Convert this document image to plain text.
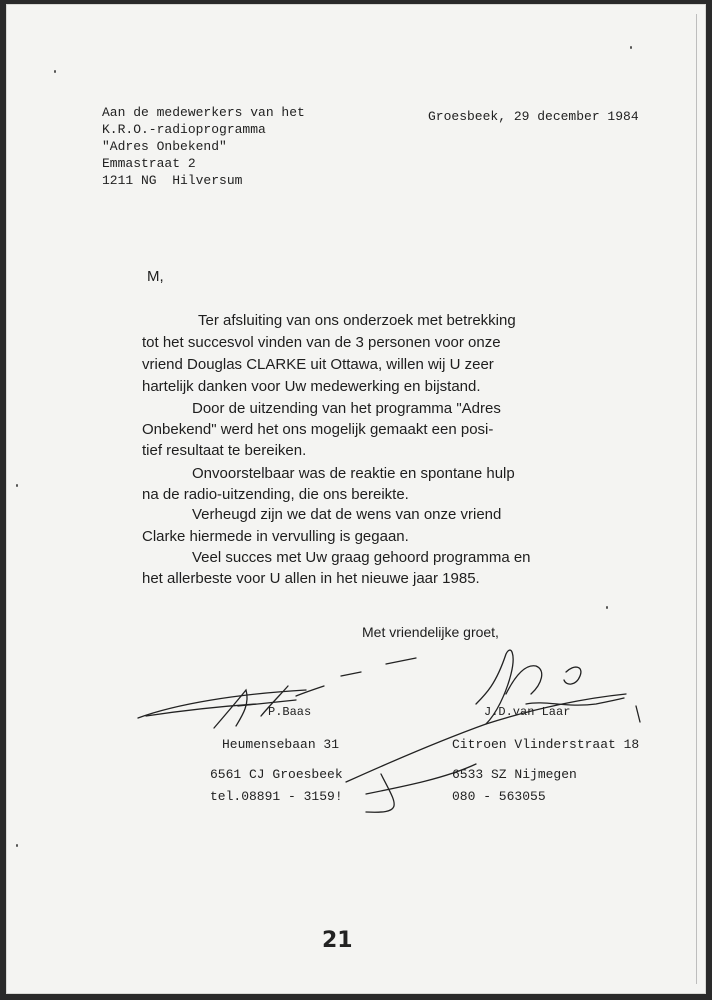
Aan de medewerkers van het
K.R.O.-radioprogramma
"Adres Onbekend"
Emmastraat 2
1211 NG  Hilversum
Groesbeek, 29 december 1984
M,
Ter afsluiting van ons onderzoek met betrekking
tot het succesvol vinden van de 3 personen voor onze
vriend Douglas CLARKE uit Ottawa, willen wij U zeer
hartelijk danken voor Uw medewerking en bijstand.
Door de uitzending van het programma "Adres
Onbekend" werd het ons mogelijk gemaakt een posi-
tief resultaat te bereiken.
Onvoorstelbaar was de reaktie en spontane hulp
na de radio-uitzending, die ons bereikte.
Verheugd zijn we dat de wens van onze vriend
Clarke hiermede in vervulling is gegaan.
Veel succes met Uw graag gehoord programma en
het allerbeste voor U allen in het nieuwe jaar 1985.
Met vriendelijke groet,
P.Baas	J.D.van Laar
Heumensebaan 31
6561 CJ Groesbeek
tel.08891 - 3159!
Citroen Vlinderstraat 18
6533 SZ Nijmegen
080 - 563055
21
